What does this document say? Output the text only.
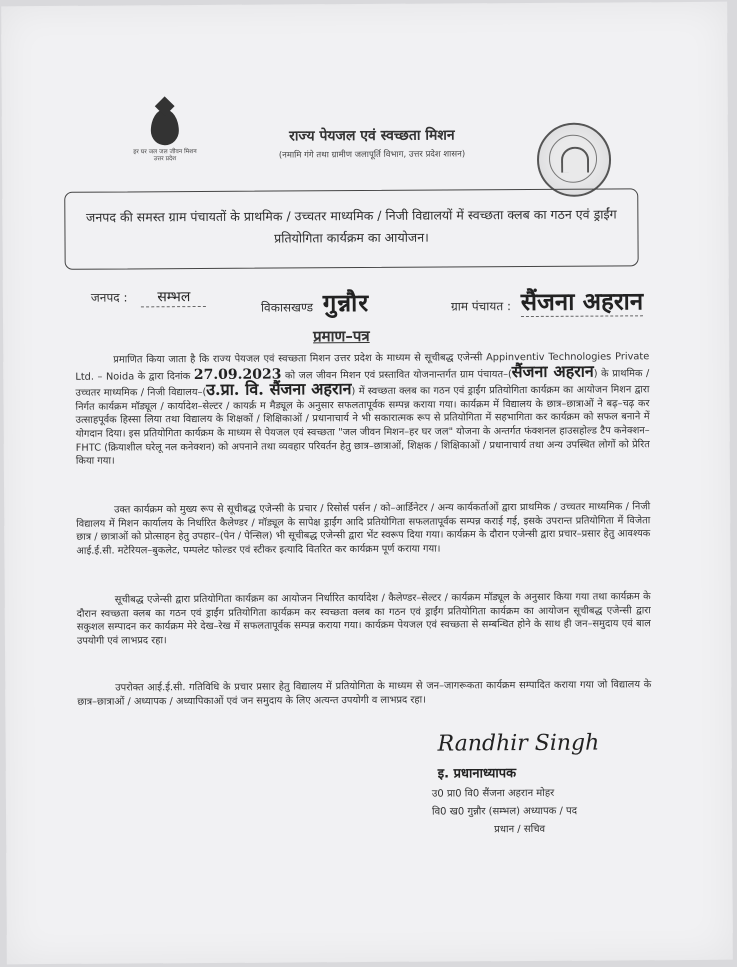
हर घर जल जल जीवन मिशन उत्तर प्रदेश
राज्य पेयजल एवं स्वच्छता मिशन
(नमामि गंगे तथा ग्रामीण जलापूर्ति विभाग, उत्तर प्रदेश शासन)
जनपद की समस्त ग्राम पंचायतों के प्राथमिक / उच्चतर माध्यमिक / निजी विद्यालयों में स्वच्छता क्लब का गठन एवं ड्राईंग प्रतियोगिता कार्यक्रम का आयोजन।
जनपद : सम्भल
विकासखण्ड गुन्नौर	ग्राम पंचायत : सैंजना अहरान
प्रमाण–पत्र
प्रमाणित किया जाता है कि राज्य पेयजल एवं स्वच्छता मिशन उत्तर प्रदेश के माध्यम से सूचीबद्ध एजेन्सी Appinventiv Technologies Private Ltd. – Noida के द्वारा दिनांक 27.09.2023 को जल जीवन मिशन एवं प्रस्तावित योजनान्तर्गत ग्राम पंचायत–(सैंजना अहरान) के प्राथमिक / उच्चतर माध्यमिक / निजी विद्यालय–(उ.प्रा. वि. सैंजना अहरान) में स्वच्छता क्लब का गठन एवं ड्राईंग प्रतियोगिता कार्यक्रम का आयोजन मिशन द्वारा निर्गत कार्यक्रम मॉड्यूल / कार्यादेश–सेल्टर / कायर्क्र म मैड्यूल के अनुसार सफलतापूर्वक सम्पन्न कराया गया। कार्यक्रम में विद्यालय के छात्र–छात्राओं ने बढ़–चढ़ कर उत्साहपूर्वक हिस्सा लिया तथा विद्यालय के शिक्षकों / शिक्षिकाओं / प्रधानाचार्य ने भी सकारात्मक रूप से प्रतियोगिता में सहभागिता कर कार्यक्रम को सफल बनाने में योगदान दिया। इस प्रतियोगिता कार्यक्रम के माध्यम से पेयजल एवं स्वच्छता "जल जीवन मिशन–हर घर जल" योजना के अन्तर्गत फंक्शनल हाउसहोल्ड टैप कनेक्शन–FHTC (क्रियाशील घरेलू नल कनेक्शन) को अपनाने तथा व्यवहार परिवर्तन हेतु छात्र–छात्राओं, शिक्षक / शिक्षिकाओं / प्रधानाचार्य तथा अन्य उपस्थित लोगों को प्रेरित किया गया।
उक्त कार्यक्रम को मुख्य रूप से सूचीबद्ध एजेन्सी के प्रचार / रिसोर्स पर्सन / को–आर्डिनेटर / अन्य कार्यकर्ताओं द्वारा प्राथमिक / उच्चतर माध्यमिक / निजी विद्यालय में मिशन कार्यालय के निर्धारित कैलेण्डर / मॉड्यूल के सापेक्ष ड्राईंग आदि प्रतियोगिता सफलतापूर्वक सम्पन्न कराई गई, इसके उपरान्त प्रतियोगिता में विजेता छात्र / छात्राओं को प्रोत्साहन हेतु उपहार–(पेन / पेन्सिल) भी सूचीबद्ध एजेन्सी द्वारा भेंट स्वरूप दिया गया। कार्यक्रम के दौरान एजेन्सी द्वारा प्रचार–प्रसार हेतु आवश्यक आई.ई.सी. मटेरियल–बुकलेट, पम्पलेट फोल्डर एवं स्टीकर इत्यादि वितरित कर कार्यक्रम पूर्ण कराया गया।
सूचीबद्ध एजेन्सी द्वारा प्रतियोगिता कार्यक्रम का आयोजन निर्धारित कार्यादेश / कैलेण्डर–सेल्टर / कार्यक्रम मॉड्यूल के अनुसार किया गया तथा कार्यक्रम के दौरान स्वच्छता क्लब का गठन एवं ड्राईंग प्रतियोगिता कार्यक्रम कर स्वच्छता क्लब का गठन एवं ड्राईंग प्रतियोगिता कार्यक्रम का आयोजन सूचीबद्ध एजेन्सी द्वारा सकुशल सम्पादन कर कार्यक्रम मेरे देख–रेख में सफलतापूर्वक सम्पन्न कराया गया। कार्यक्रम पेयजल एवं स्वच्छता से सम्बन्धित होने के साथ ही जन–समुदाय एवं बाल उपयोगी एवं लाभप्रद रहा।
उपरोक्त आई.ई.सी. गतिविधि के प्रचार प्रसार हेतु विद्यालय में प्रतियोगिता के माध्यम से जन–जागरूकता कार्यक्रम सम्पादित कराया गया जो विद्यालय के छात्र–छात्राओं / अध्यापक / अध्यापिकाओं एवं जन समुदाय के लिए अत्यन्त उपयोगी व लाभप्रद रहा।
Randhir Singh
इ. प्रधानाध्यापक
उ0 प्रा0 वि0 सैंजना अहरान मोहर
वि0 ख0 गुन्नौर (सम्भल) अध्यापक / पद
प्रधान / सचिव
